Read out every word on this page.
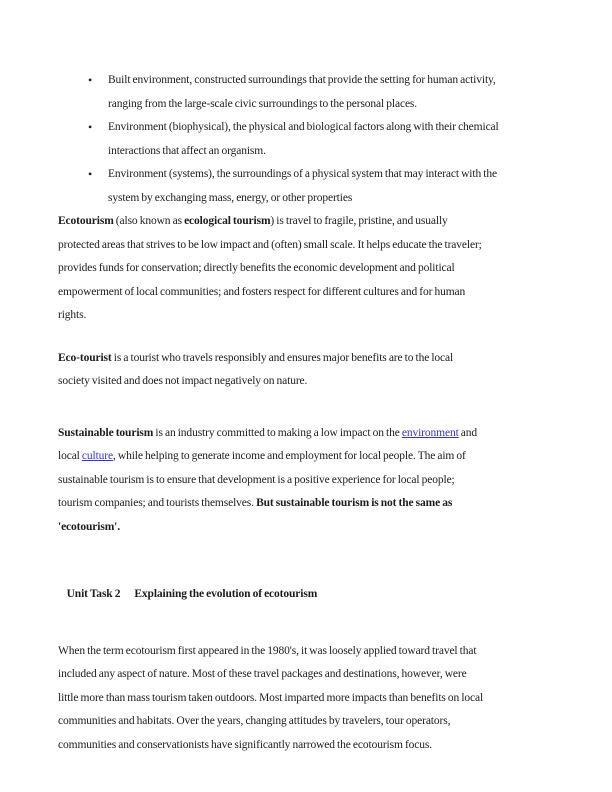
• Built environment, constructed surroundings that provide the setting for human activity,
ranging from the large-scale civic surroundings to the personal places.
• Environment (biophysical), the physical and biological factors along with their chemical
interactions that affect an organism.
• Environment (systems), the surroundings of a physical system that may interact with the
system by exchanging mass, energy, or other properties
Ecotourism (also known as ecological tourism) is travel to fragile, pristine, and usually
protected areas that strives to be low impact and (often) small scale. It helps educate the traveler;
provides funds for conservation; directly benefits the economic development and political
empowerment of local communities; and fosters respect for different cultures and for human
rights.
Eco-tourist is a tourist who travels responsibly and ensures major benefits are to the local
society visited and does not impact negatively on nature.
Sustainable tourism is an industry committed to making a low impact on the environment and
local culture, while helping to generate income and employment for local people. The aim of
sustainable tourism is to ensure that development is a positive experience for local people;
tourism companies; and tourists themselves. But sustainable tourism is not the same as
'ecotourism'.

Unit Task 2 Explaining the evolution of ecotourism

When the term ecotourism first appeared in the 1980's, it was loosely applied toward travel that
included any aspect of nature. Most of these travel packages and destinations, however, were
little more than mass tourism taken outdoors. Most imparted more impacts than benefits on local
communities and habitats. Over the years, changing attitudes by travelers, tour operators,
communities and conservationists have significantly narrowed the ecotourism focus.
